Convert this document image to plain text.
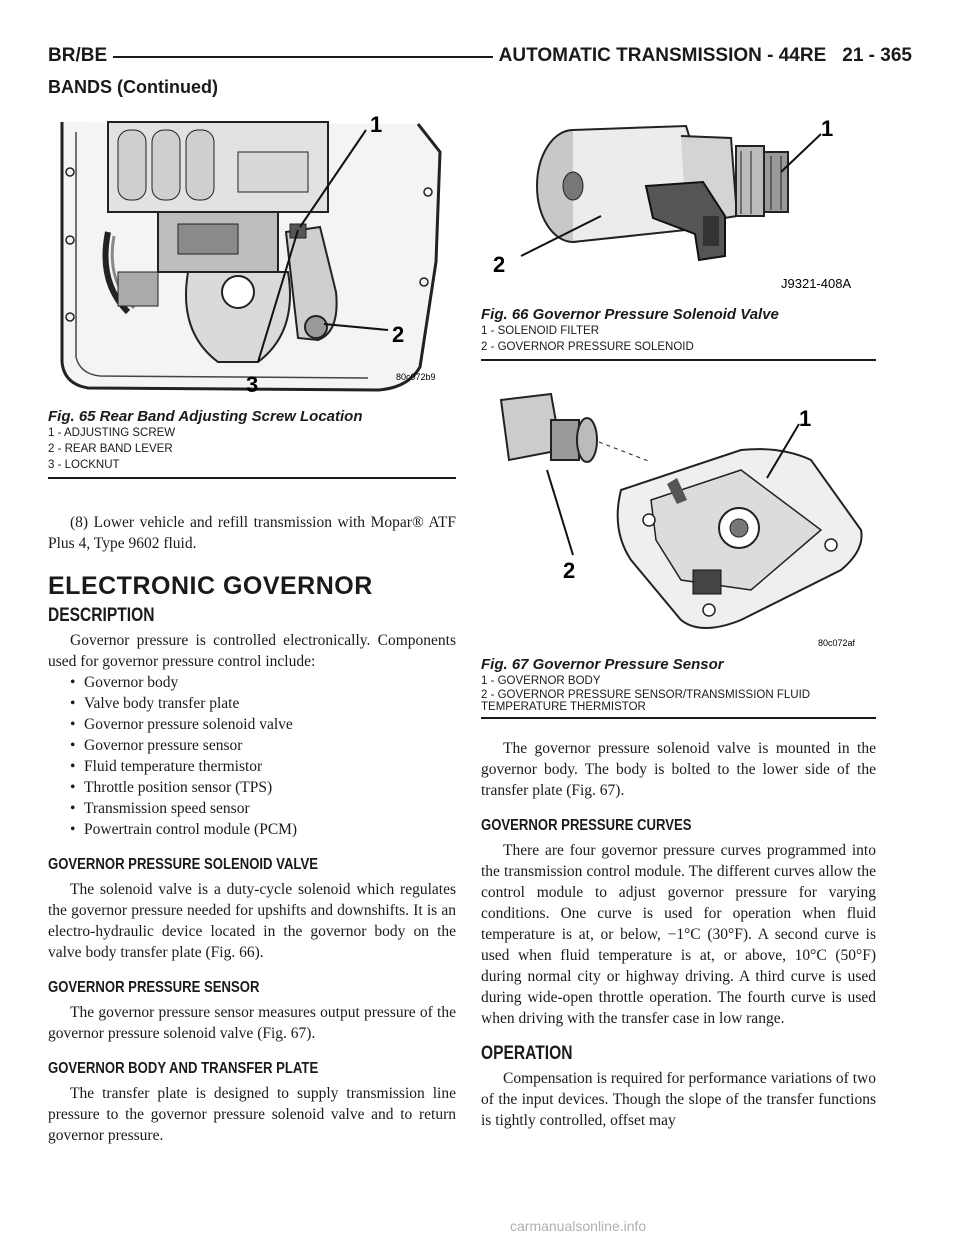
BR/BE	AUTOMATIC TRANSMISSION - 44RE 21 - 365
BANDS (Continued)
1
2
3	80c072b9
Fig. 65 Rear Band Adjusting Screw Location
1 - ADJUSTING SCREW
2 - REAR BAND LEVER
3 - LOCKNUT
1
2
J9321-408A
Fig. 66 Governor Pressure Solenoid Valve
1 - SOLENOID FILTER
2 - GOVERNOR PRESSURE SOLENOID
1
2
80c072af
Fig. 67 Governor Pressure Sensor
1 - GOVERNOR BODY
2 - GOVERNOR PRESSURE SENSOR/TRANSMISSION FLUID TEMPERATURE THERMISTOR

(8) Lower vehicle and refill transmission with Mopar® ATF Plus 4, Type 9602 fluid.

ELECTRONIC GOVERNOR
DESCRIPTION

Governor pressure is controlled electronically. Components used for governor pressure control include:

• Governor body
• Valve body transfer plate
• Governor pressure solenoid valve
• Governor pressure sensor
• Fluid temperature thermistor
• Throttle position sensor (TPS)
• Transmission speed sensor
• Powertrain control module (PCM)
GOVERNOR PRESSURE SOLENOID VALVE

The solenoid valve is a duty-cycle solenoid which regulates the governor pressure needed for upshifts and downshifts. It is an electro-hydraulic device located in the governor body on the valve body transfer plate (Fig. 66).

GOVERNOR PRESSURE SENSOR

The governor pressure sensor measures output pressure of the governor pressure solenoid valve (Fig. 67).

GOVERNOR BODY AND TRANSFER PLATE

The transfer plate is designed to supply transmission line pressure to the governor pressure solenoid valve and to return governor pressure.

The governor pressure solenoid valve is mounted in the governor body. The body is bolted to the lower side of the transfer plate (Fig. 67).

GOVERNOR PRESSURE CURVES

There are four governor pressure curves programmed into the transmission control module. The different curves allow the control module to adjust governor pressure for varying conditions. One curve is used for operation when fluid temperature is at, or below, −1°C (30°F). A second curve is used when fluid temperature is at, or above, 10°C (50°F) during normal city or highway driving. A third curve is used during wide-open throttle operation. The fourth curve is used when driving with the transfer case in low range.

OPERATION

Compensation is required for performance variations of two of the input devices. Though the slope of the transfer functions is tightly controlled, offset may

carmanualsonline.info
